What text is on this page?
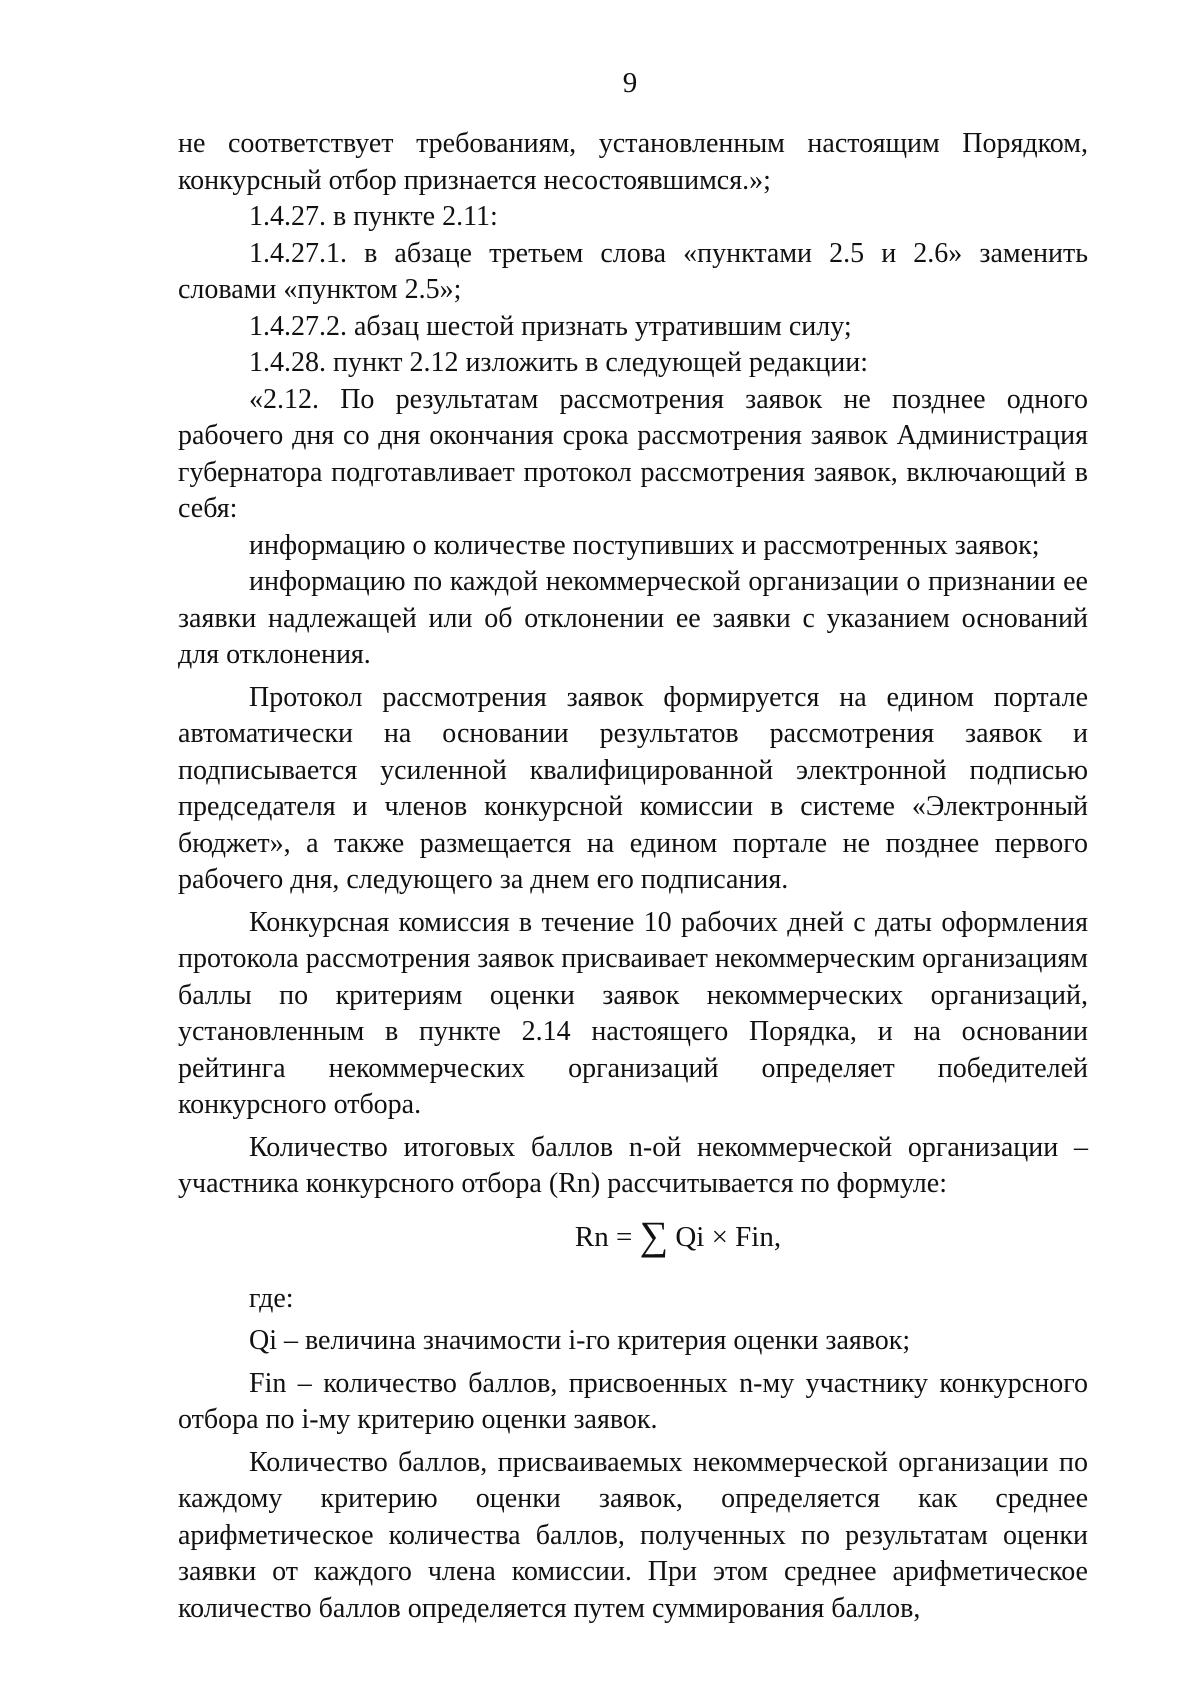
9

не соответствует требованиям, установленным настоящим Порядком, конкурсный отбор признается несостоявшимся.»;

1.4.27. в пункте 2.11:

1.4.27.1. в абзаце третьем слова «пунктами 2.5 и 2.6» заменить словами «пунктом 2.5»;

1.4.27.2. абзац шестой признать утратившим силу;

1.4.28. пункт 2.12 изложить в следующей редакции:

«2.12. По результатам рассмотрения заявок не позднее одного рабочего дня со дня окончания срока рассмотрения заявок Администрация губернатора подготавливает протокол рассмотрения заявок, включающий в себя:

информацию о количестве поступивших и рассмотренных заявок;

информацию по каждой некоммерческой организации о признании ее заявки надлежащей или об отклонении ее заявки с указанием оснований для отклонения.

Протокол рассмотрения заявок формируется на едином портале автоматически на основании результатов рассмотрения заявок и подписывается усиленной квалифицированной электронной подписью председателя и членов конкурсной комиссии в системе «Электронный бюджет», а также размещается на едином портале не позднее первого рабочего дня, следующего за днем его подписания.

Конкурсная комиссия в течение 10 рабочих дней с даты оформления протокола рассмотрения заявок присваивает некоммерческим организациям баллы по критериям оценки заявок некоммерческих организаций, установленным в пункте 2.14 настоящего Порядка, и на основании рейтинга некоммерческих организаций определяет победителей конкурсного отбора.

Количество итоговых баллов n-ой некоммерческой организации – участника конкурсного отбора (Rn) рассчитывается по формуле:

Rn = ∑ Qi × Fin,

где:

Qi – величина значимости i-го критерия оценки заявок;

Fin – количество баллов, присвоенных n-му участнику конкурсного отбора по i-му критерию оценки заявок.

Количество баллов, присваиваемых некоммерческой организации по каждому критерию оценки заявок, определяется как среднее арифметическое количества баллов, полученных по результатам оценки заявки от каждого члена комиссии. При этом среднее арифметическое количество баллов определяется путем суммирования баллов,
